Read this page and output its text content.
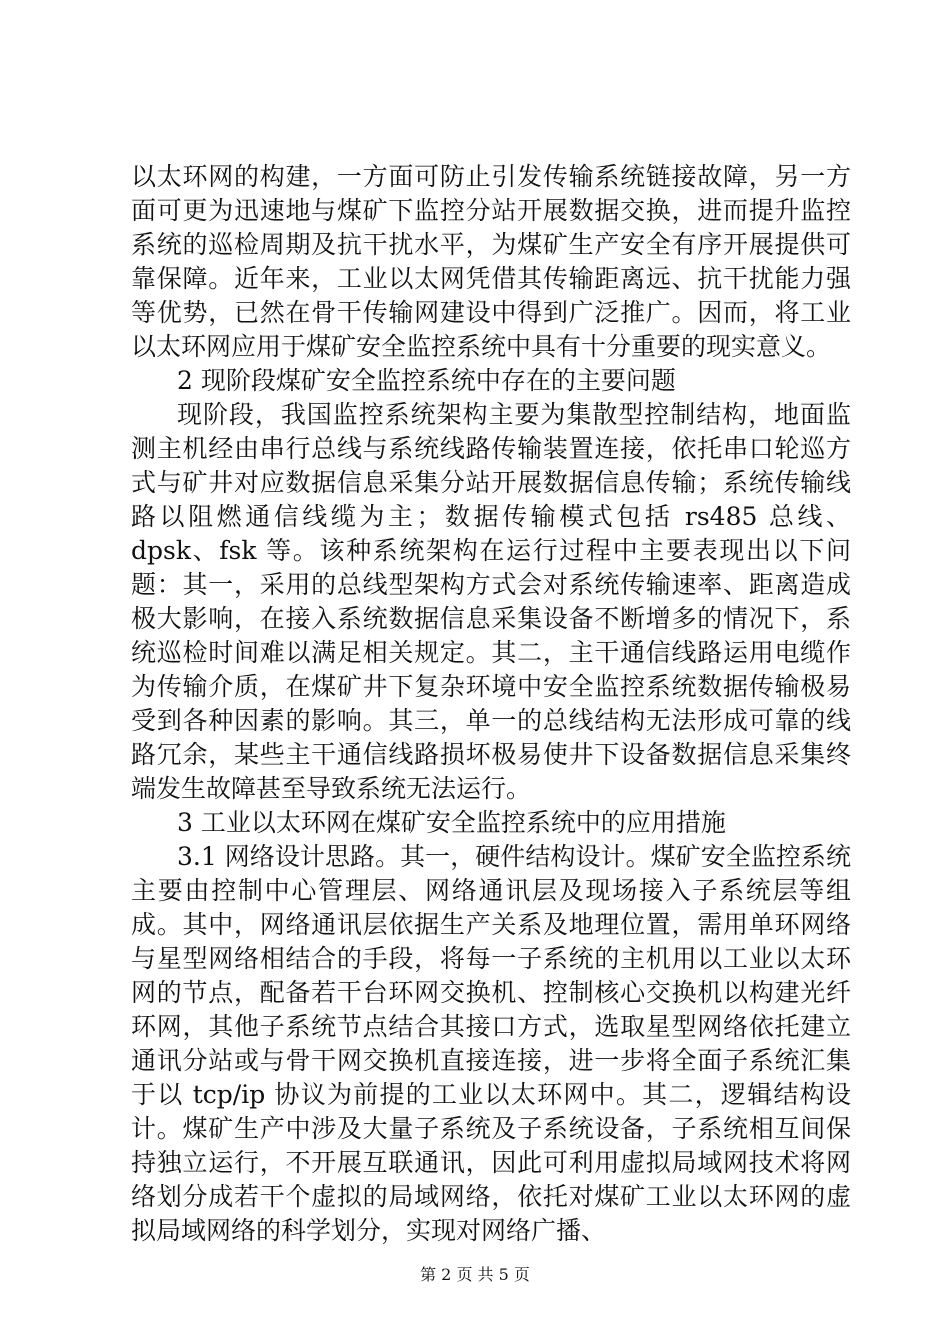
以太环网的构建，一方面可防止引发传输系统链接故障，另一方面可更为迅速地与煤矿下监控分站开展数据交换，进而提升监控系统的巡检周期及抗干扰水平，为煤矿生产安全有序开展提供可靠保障。近年来，工业以太网凭借其传输距离远、抗干扰能力强等优势，已然在骨干传输网建设中得到广泛推广。因而，将工业以太环网应用于煤矿安全监控系统中具有十分重要的现实意义。

2 现阶段煤矿安全监控系统中存在的主要问题

现阶段，我国监控系统架构主要为集散型控制结构，地面监测主机经由串行总线与系统线路传输装置连接，依托串口轮巡方式与矿井对应数据信息采集分站开展数据信息传输；系统传输线路以阻燃通信线缆为主；数据传输模式包括 rs485 总线、dpsk、fsk 等。该种系统架构在运行过程中主要表现出以下问题：其一，采用的总线型架构方式会对系统传输速率、距离造成极大影响，在接入系统数据信息采集设备不断增多的情况下，系统巡检时间难以满足相关规定。其二，主干通信线路运用电缆作为传输介质，在煤矿井下复杂环境中安全监控系统数据传输极易受到各种因素的影响。其三，单一的总线结构无法形成可靠的线路冗余，某些主干通信线路损坏极易使井下设备数据信息采集终端发生故障甚至导致系统无法运行。

3 工业以太环网在煤矿安全监控系统中的应用措施

3.1 网络设计思路。其一，硬件结构设计。煤矿安全监控系统主要由控制中心管理层、网络通讯层及现场接入子系统层等组成。其中，网络通讯层依据生产关系及地理位置，需用单环网络与星型网络相结合的手段，将每一子系统的主机用以工业以太环网的节点，配备若干台环网交换机、控制核心交换机以构建光纤环网，其他子系统节点结合其接口方式，选取星型网络依托建立通讯分站或与骨干网交换机直接连接，进一步将全面子系统汇集于以 tcp/ip 协议为前提的工业以太环网中。其二，逻辑结构设计。煤矿生产中涉及大量子系统及子系统设备，子系统相互间保持独立运行，不开展互联通讯，因此可利用虚拟局域网技术将网络划分成若干个虚拟的局域网络，依托对煤矿工业以太环网的虚拟局域网络的科学划分，实现对网络广播、

第 2 页 共 5 页
